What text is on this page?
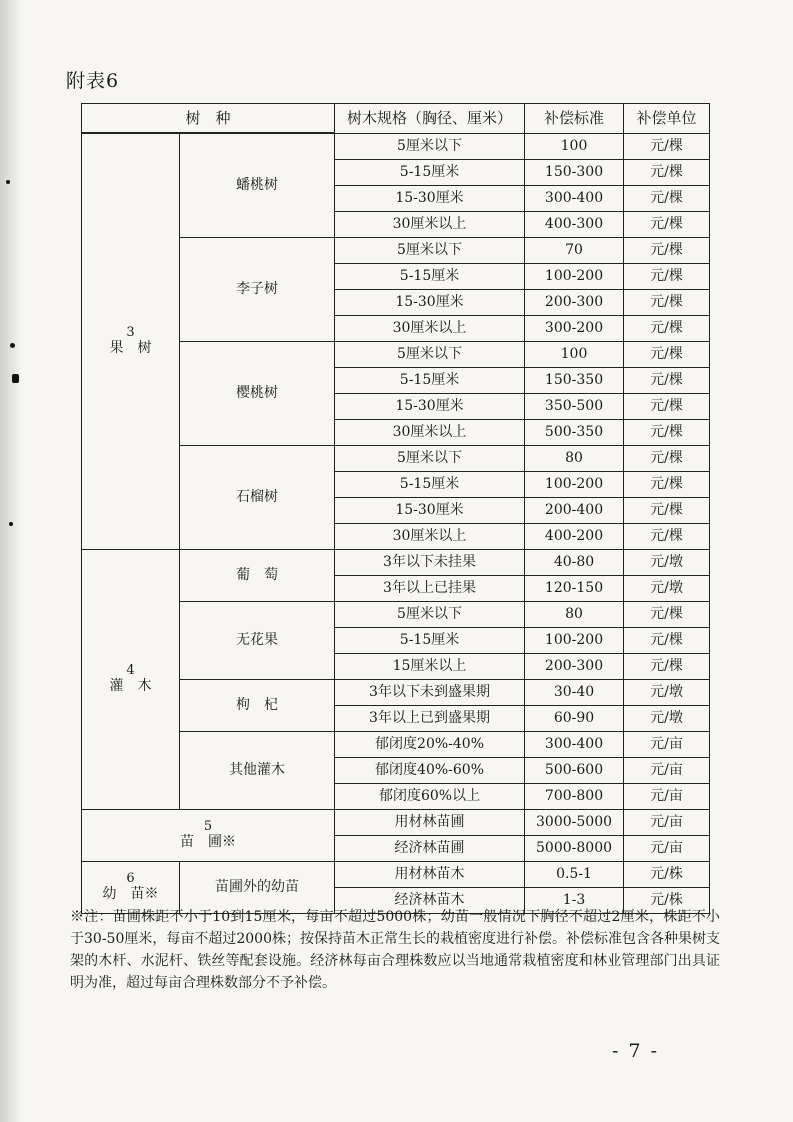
附表6
树　种		树木规格（胸径、厘米）	补偿标准	补偿单位

3
果　树	蟠桃树	5厘米以下	100	元/棵
		5-15厘米	150-300	元/棵
		15-30厘米	300-400	元/棵
		30厘米以上	400-300	元/棵
	李子树	5厘米以下	70	元/棵
		5-15厘米	100-200	元/棵
		15-30厘米	200-300	元/棵
		30厘米以上	300-200	元/棵
	樱桃树	5厘米以下	100	元/棵
		5-15厘米	150-350	元/棵
		15-30厘米	350-500	元/棵
		30厘米以上	500-350	元/棵
	石榴树	5厘米以下	80	元/棵
		5-15厘米	100-200	元/棵
		15-30厘米	200-400	元/棵
		30厘米以上	400-200	元/棵

4
灌　木	葡　萄	3年以下未挂果	40-80	元/墩
		3年以上已挂果	120-150	元/墩
	无花果	5厘米以下	80	元/棵
		5-15厘米	100-200	元/棵
		15厘米以上	200-300	元/棵
	枸　杞	3年以下未到盛果期	30-40	元/墩
		3年以上已到盛果期	60-90	元/墩
	其他灌木	郁闭度20%-40%	300-400	元/亩
		郁闭度40%-60%	500-600	元/亩
		郁闭度60%以上	700-800	元/亩

5
苗　圃※		用材林苗圃	3000-5000	元/亩
		经济林苗圃	5000-8000	元/亩

6
幼　苗※	苗圃外的幼苗	用材林苗木	0.5-1	元/株
		经济林苗木	1-3	元/株
※注：苗圃株距不小于10到15厘米，每亩不超过5000株；幼苗一般情况下胸径不超过2厘米，株距不小于30-50厘米，每亩不超过2000株；按保持苗木正常生长的栽植密度进行补偿。补偿标准包含各种果树支架的木杆、水泥杆、铁丝等配套设施。经济林每亩合理株数应以当地通常栽植密度和林业管理部门出具证明为准，超过每亩合理株数部分不予补偿。
- 7 -
